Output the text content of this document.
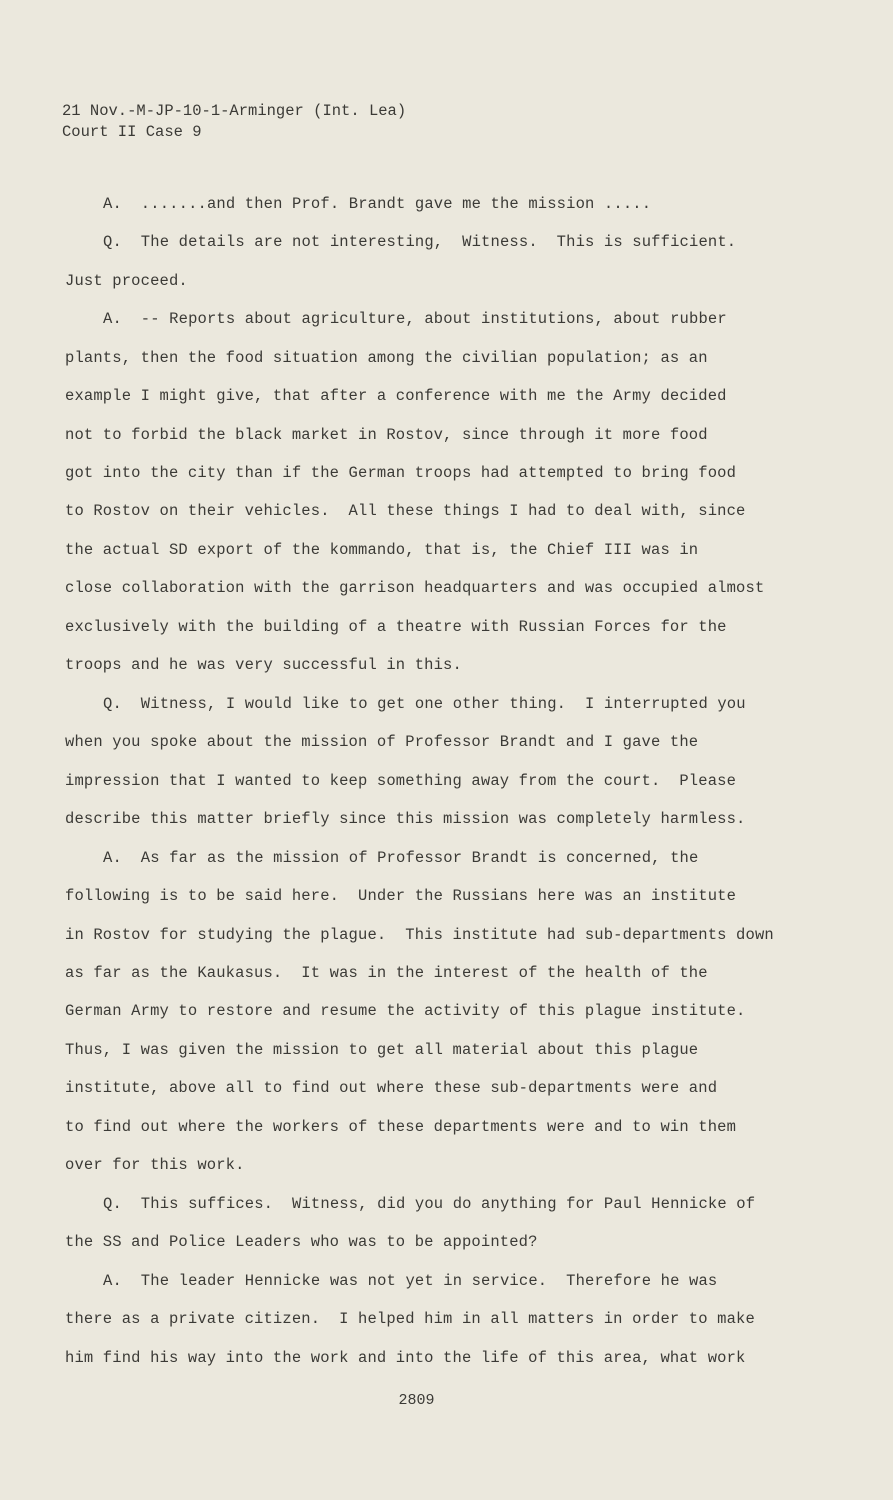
21 Nov.-M-JP-10-1-Arminger (Int. Lea)
Court II Case 9
A.  .......and then Prof. Brandt gave me the mission .....
Q.  The details are not interesting,  Witness.  This is sufficient.
Just proceed.
A.  -- Reports about agriculture, about institutions, about rubber
plants, then the food situation among the civilian population; as an
example I might give, that after a conference with me the Army decided
not to forbid the black market in Rostov, since through it more food
got into the city than if the German troops had attempted to bring food
to Rostov on their vehicles.  All these things I had to deal with, since
the actual SD export of the kommando, that is, the Chief III was in
close collaboration with the garrison headquarters and was occupied almost
exclusively with the building of a theatre with Russian Forces for the
troops and he was very successful in this.
Q.  Witness, I would like to get one other thing.  I interrupted you
when you spoke about the mission of Professor Brandt and I gave the
impression that I wanted to keep something away from the court.  Please
describe this matter briefly since this mission was completely harmless.
A.  As far as the mission of Professor Brandt is concerned, the
following is to be said here.  Under the Russians here was an institute
in Rostov for studying the plague.  This institute had sub-departments down
as far as the Kaukasus.  It was in the interest of the health of the
German Army to restore and resume the activity of this plague institute.
Thus, I was given the mission to get all material about this plague
institute, above all to find out where these sub-departments were and
to find out where the workers of these departments were and to win them
over for this work.
Q.  This suffices.  Witness, did you do anything for Paul Hennicke of
the SS and Police Leaders who was to be appointed?
A.  The leader Hennicke was not yet in service.  Therefore he was
there as a private citizen.  I helped him in all matters in order to make
him find his way into the work and into the life of this area, what work
2809
